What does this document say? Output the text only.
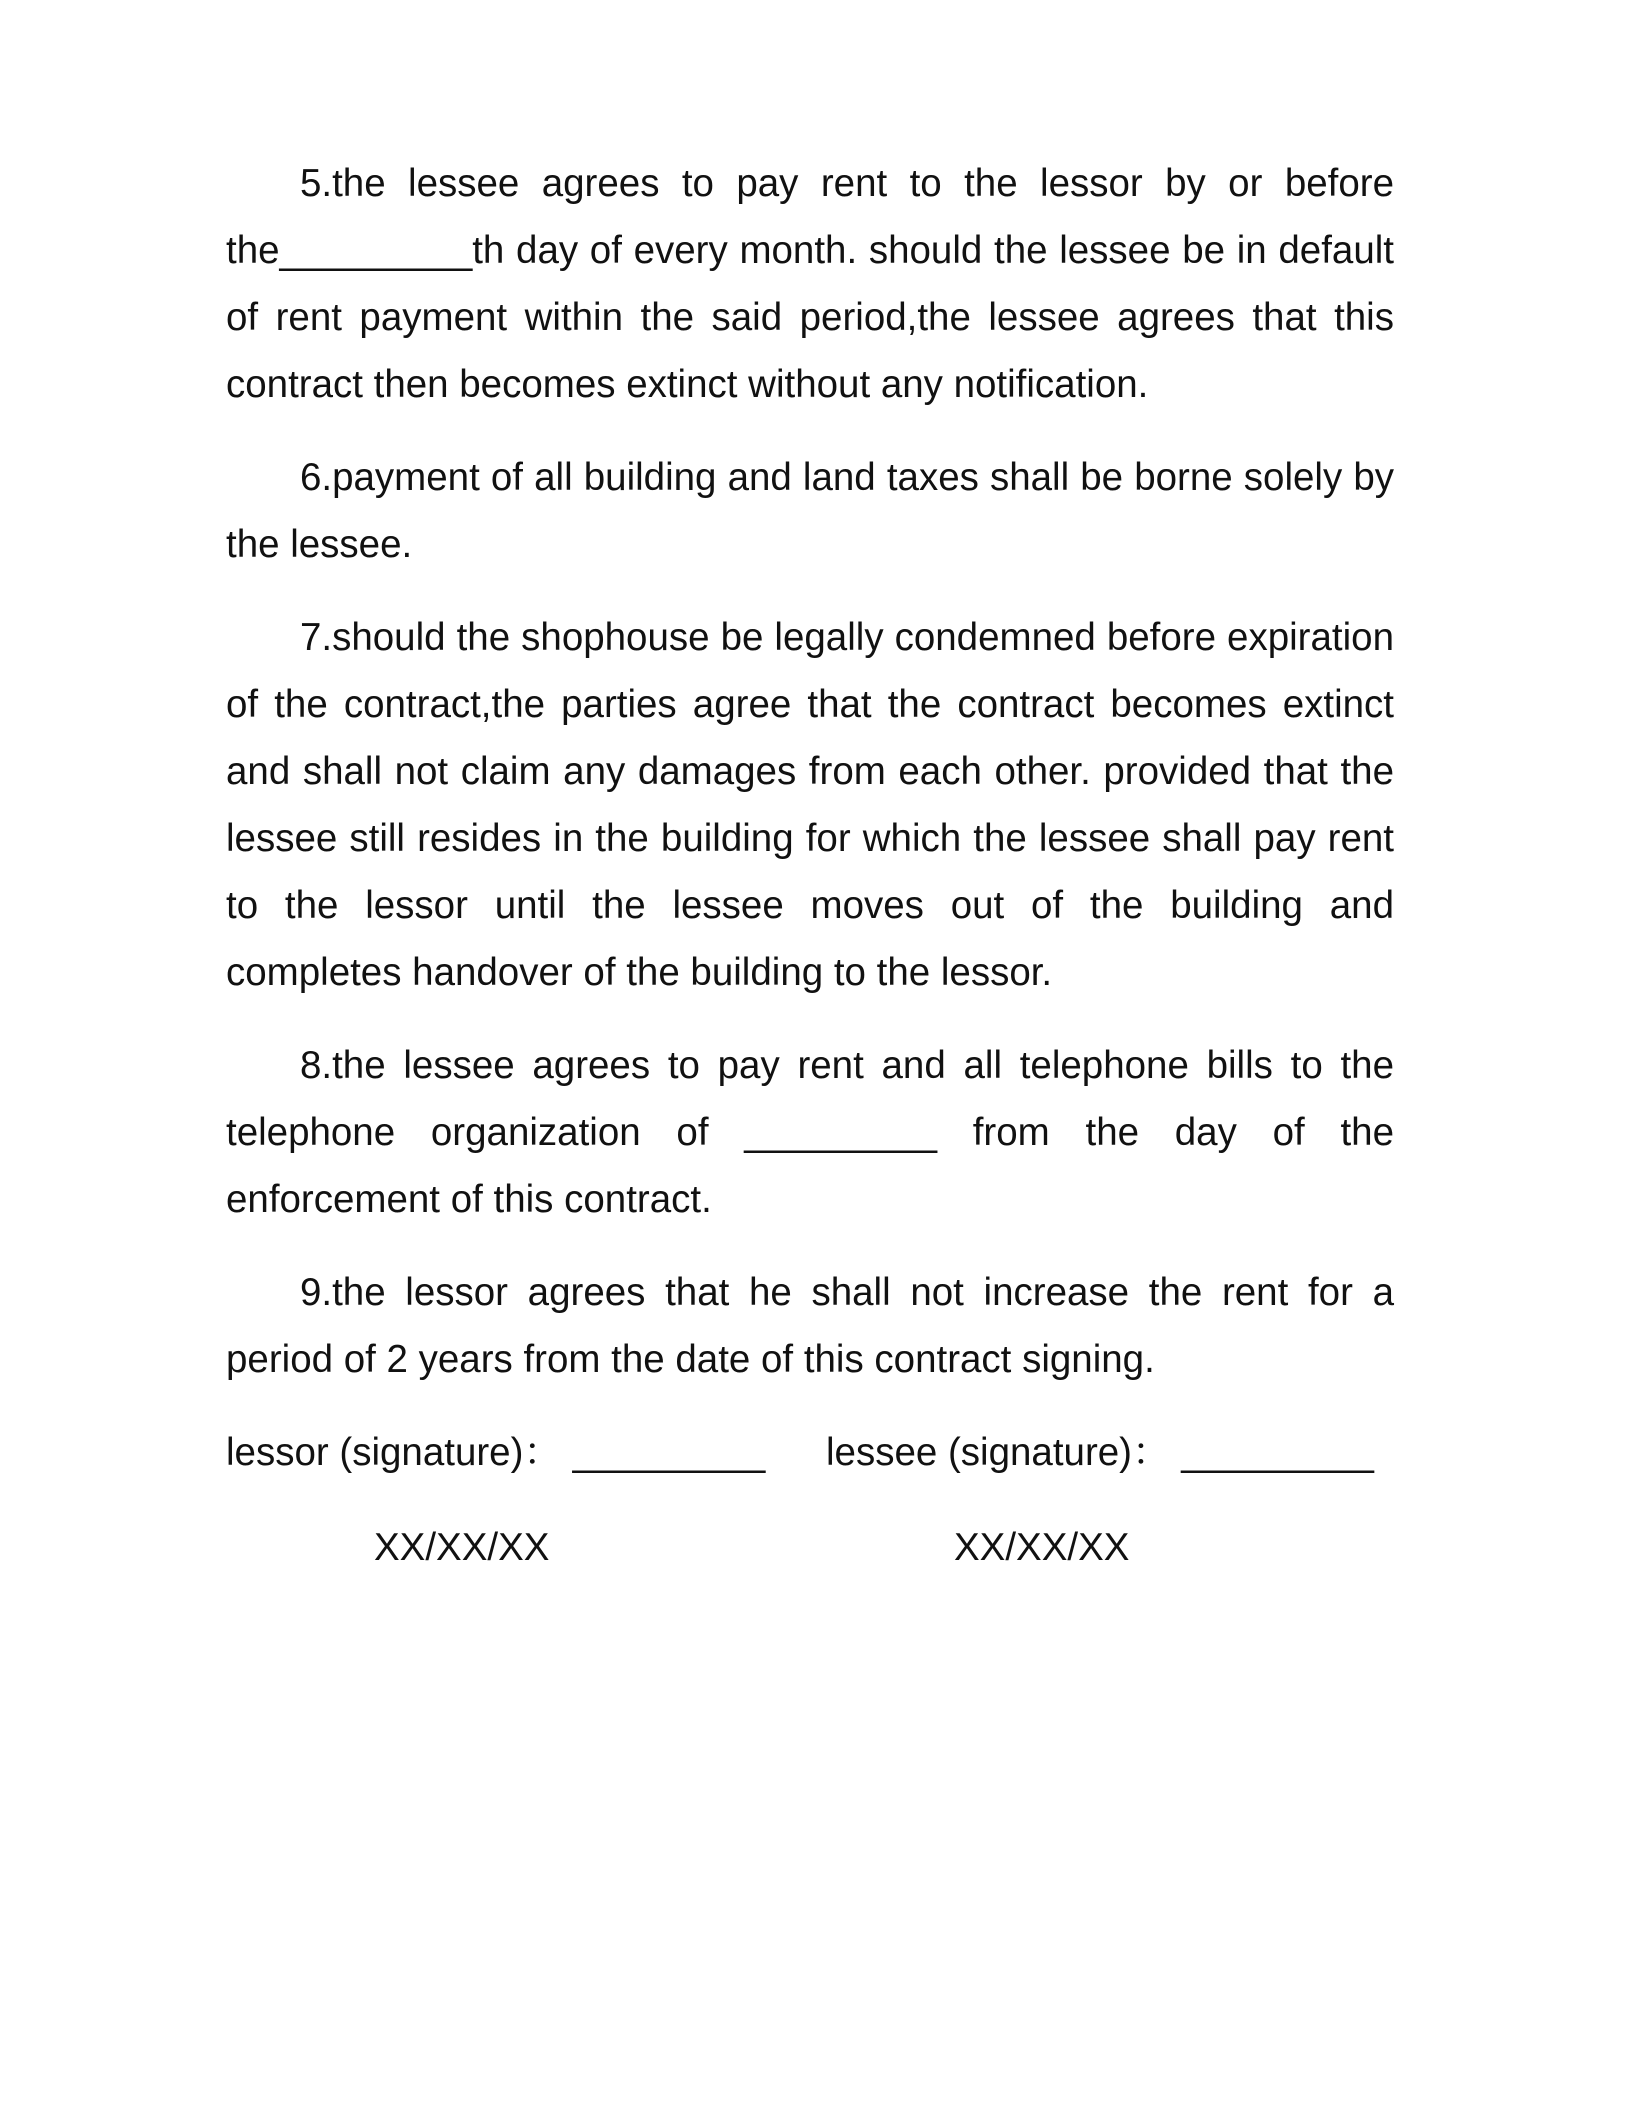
5.the lessee agrees to pay rent to the lessor by or before the_________th day of every month. should the lessee be in default of rent payment within the said period,the lessee agrees that this contract then becomes extinct without any notification.

6.payment of all building and land taxes shall be borne solely by the lessee.

7.should the shophouse be legally condemned before expiration of the contract,the parties agree that the contract becomes extinct and shall not claim any damages from each other. provided that the lessee still resides in the building for which the lessee shall pay rent to the lessor until the lessee moves out of the building and completes handover of the building to the lessor.

8.the lessee agrees to pay rent and all telephone bills to the telephone organization of _________ from the day of the enforcement of this contract.

9.the lessor agrees that he shall not increase the rent for a period of 2 years from the date of this contract signing.

lessor (signature)： _________ lessee (signature)： _________
XX/XX/XX	XX/XX/XX
